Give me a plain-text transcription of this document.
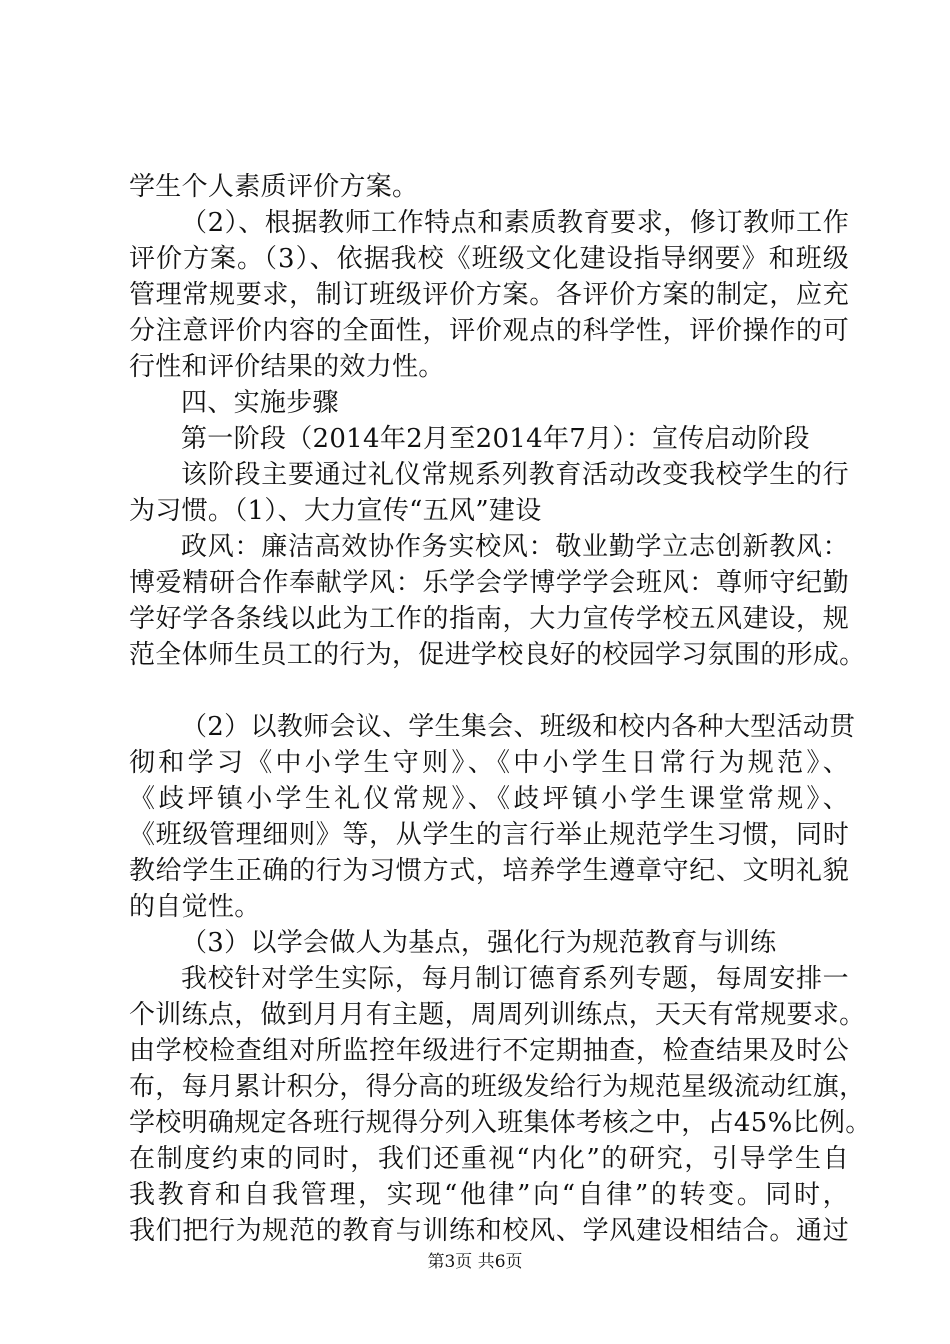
学生个人素质评价方案。
（2）、根据教师工作特点和素质教育要求，修订教师工作
评价方案。（3）、依据我校《班级文化建设指导纲要》和班级
管理常规要求，制订班级评价方案。各评价方案的制定，应充
分注意评价内容的全面性，评价观点的科学性，评价操作的可
行性和评价结果的效力性。
四、实施步骤
第一阶段（2014年2月至2014年7月）：宣传启动阶段
该阶段主要通过礼仪常规系列教育活动改变我校学生的行
为习惯。（1）、大力宣传“五风”建设
政风：廉洁高效协作务实校风：敬业勤学立志创新教风：
博爱精研合作奉献学风：乐学会学博学学会班风：尊师守纪勤
学好学各条线以此为工作的指南，大力宣传学校五风建设，规
范全体师生员工的行为，促进学校良好的校园学习氛围的形成。
（2）以教师会议、学生集会、班级和校内各种大型活动贯
彻和学习《中小学生守则》、《中小学生日常行为规范》、
《歧坪镇小学生礼仪常规》、《歧坪镇小学生课堂常规》、
《班级管理细则》等，从学生的言行举止规范学生习惯，同时
教给学生正确的行为习惯方式，培养学生遵章守纪、文明礼貌
的自觉性。
（3）以学会做人为基点，强化行为规范教育与训练
我校针对学生实际，每月制订德育系列专题，每周安排一
个训练点，做到月月有主题，周周列训练点，天天有常规要求。
由学校检查组对所监控年级进行不定期抽查，检查结果及时公
布，每月累计积分，得分高的班级发给行为规范星级流动红旗，
学校明确规定各班行规得分列入班集体考核之中，占45%比例。
在制度约束的同时，我们还重视“内化”的研究，引导学生自
我教育和自我管理，实现“他律”向“自律”的转变。同时，
我们把行为规范的教育与训练和校风、学风建设相结合。通过
第3页 共6页
